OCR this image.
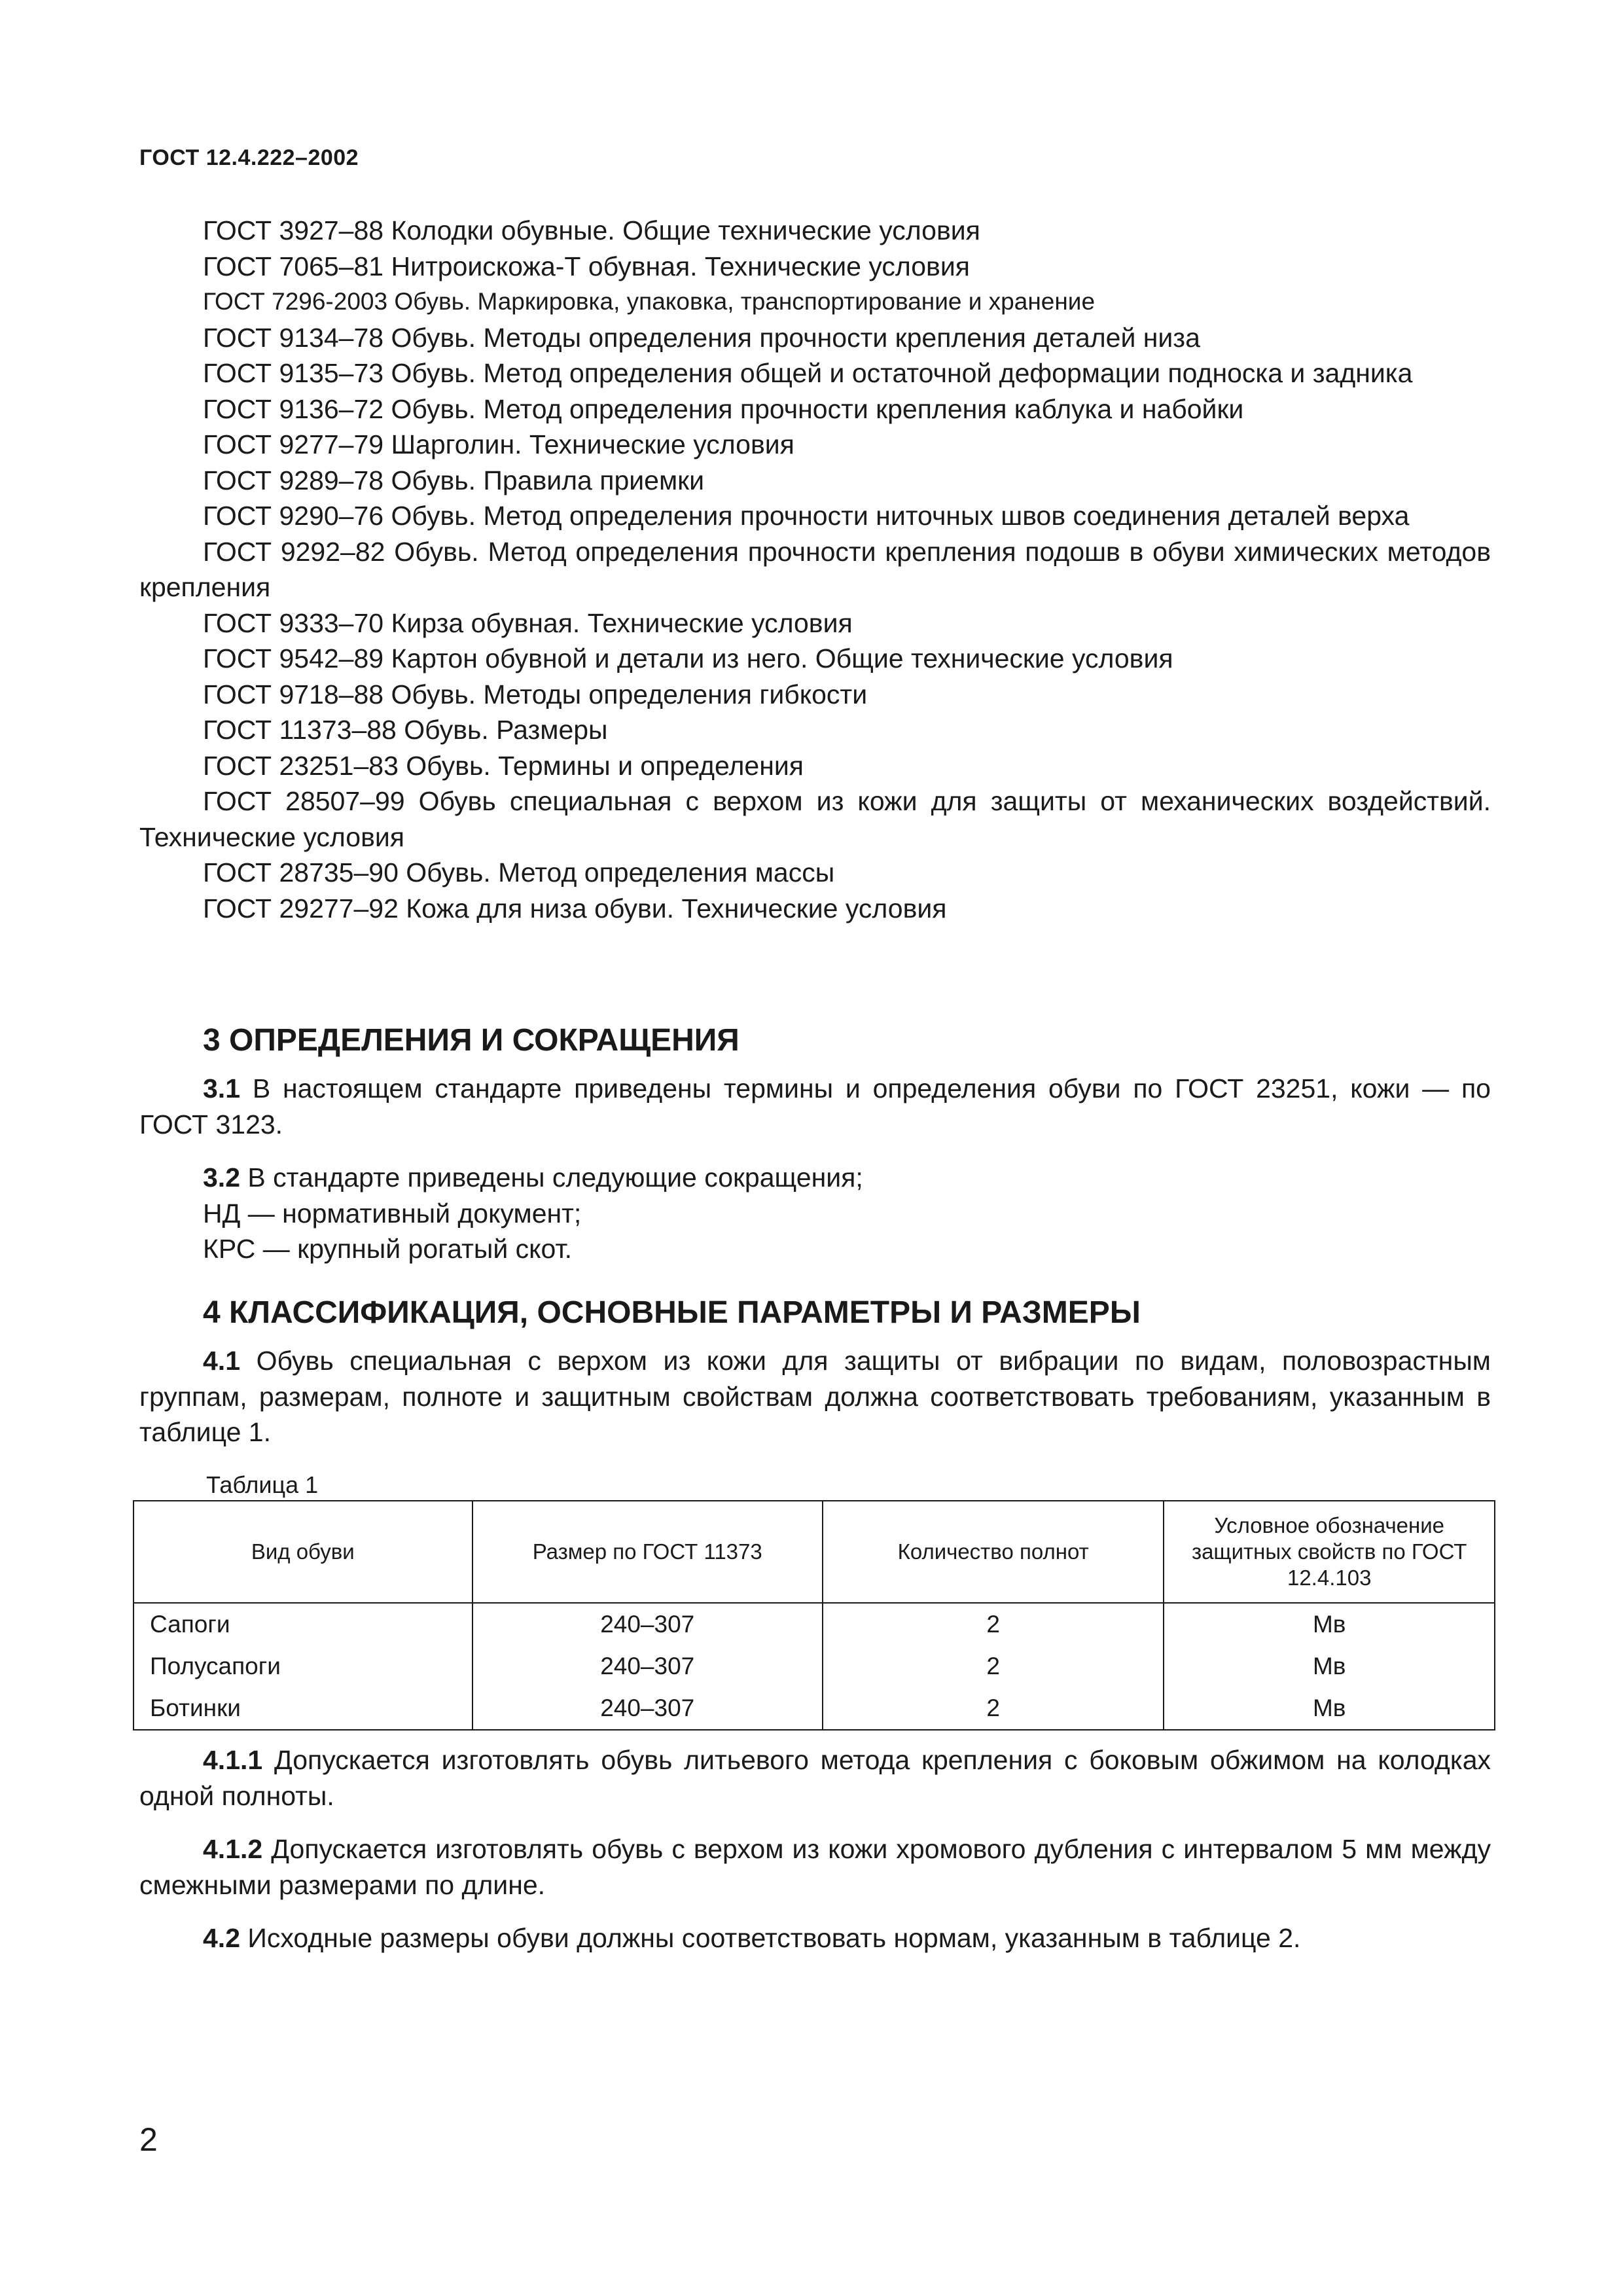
ГОСТ 12.4.222–2002

ГОСТ 3927–88 Колодки обувные. Общие технические условия

ГОСТ 7065–81 Нитроискожа-Т обувная. Технические условия

ГОСТ 7296-2003 Обувь. Маркировка, упаковка, транспортирование и хранение

ГОСТ 9134–78 Обувь. Методы определения прочности крепления деталей низа

ГОСТ 9135–73 Обувь. Метод определения общей и остаточной деформации подноска и задника

ГОСТ 9136–72 Обувь. Метод определения прочности крепления каблука и набойки

ГОСТ 9277–79 Шарголин. Технические условия

ГОСТ 9289–78 Обувь. Правила приемки

ГОСТ 9290–76 Обувь. Метод определения прочности ниточных швов соединения деталей верха

ГОСТ 9292–82 Обувь. Метод определения прочности крепления подошв в обуви химических методов крепления

ГОСТ 9333–70 Кирза обувная. Технические условия

ГОСТ 9542–89 Картон обувной и детали из него. Общие технические условия

ГОСТ 9718–88 Обувь. Методы определения гибкости

ГОСТ 11373–88 Обувь. Размеры

ГОСТ 23251–83 Обувь. Термины и определения

ГОСТ 28507–99 Обувь специальная с верхом из кожи для защиты от механических воздействий. Технические условия

ГОСТ 28735–90 Обувь. Метод определения массы

ГОСТ 29277–92 Кожа для низа обуви. Технические условия

3 ОПРЕДЕЛЕНИЯ И СОКРАЩЕНИЯ
3.1 В настоящем стандарте приведены термины и определения обуви по ГОСТ 23251, кожи — по ГОСТ 3123.
3.2 В стандарте приведены следующие сокращения;
НД — нормативный документ;
КРС — крупный рогатый скот.
4 КЛАССИФИКАЦИЯ, ОСНОВНЫЕ ПАРАМЕТРЫ И РАЗМЕРЫ
4.1 Обувь специальная с верхом из кожи для защиты от вибрации по видам, половозрастным группам, размерам, полноте и защитным свойствам должна соответствовать требованиям, указанным в таблице 1.
Таблица 1
Вид обуви	Размер по ГОСТ 11373	Количество полнот	Условное обозначение защитных свойств по ГОСТ 12.4.103
Сапоги	240–307	2	Мв
Полусапоги	240–307	2	Мв
Ботинки	240–307	2	Мв
4.1.1 Допускается изготовлять обувь литьевого метода крепления с боковым обжимом на колодках одной полноты.
4.1.2 Допускается изготовлять обувь с верхом из кожи хромового дубления с интервалом 5 мм между смежными размерами по длине.
4.2 Исходные размеры обуви должны соответствовать нормам, указанным в таблице 2.
2
